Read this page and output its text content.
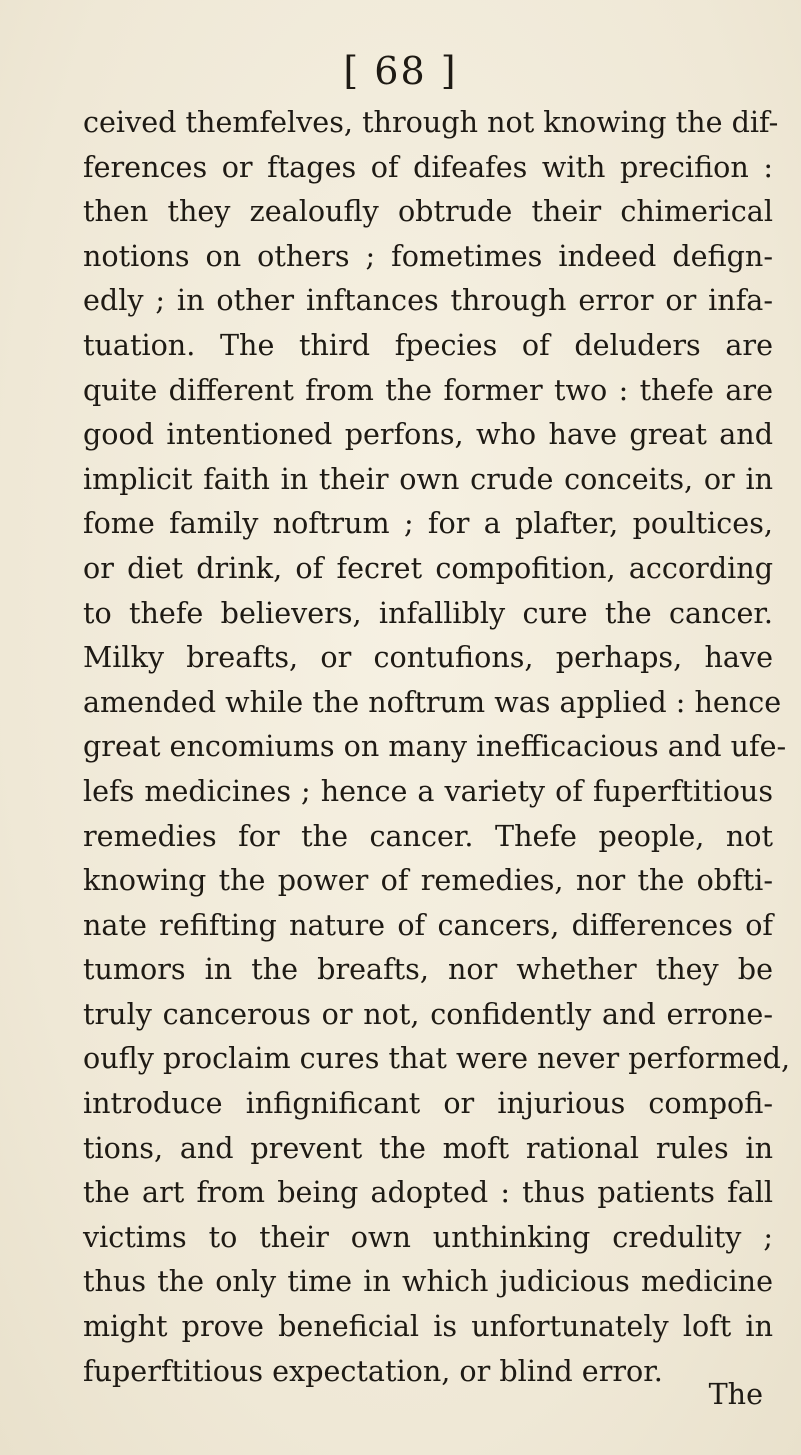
[ 68 ]

ceived themfelves, through not knowing the dif-
ferences or ftages of difeafes with precifion :
then they zealoufly obtrude their chimerical
notions on others ; fometimes indeed defign-
edly ; in other inftances through error or infa-
tuation. The third fpecies of deluders are
quite different from the former two : thefe are
good intentioned perfons, who have great and
implicit faith in their own crude conceits, or in
fome family noftrum ; for a plafter, poultices,
or diet drink, of fecret compofition, according
to thefe believers, infallibly cure the cancer.
Milky breafts, or contufions, perhaps, have
amended while the noftrum was applied : hence
great encomiums on many inefficacious and ufe-
lefs medicines ; hence a variety of fuperftitious
remedies for the cancer. Thefe people, not
knowing the power of remedies, nor the obfti-
nate refifting nature of cancers, differences of
tumors in the breafts, nor whether they be
truly cancerous or not, confidently and errone-
oufly proclaim cures that were never performed,
introduce infignificant or injurious compofi-
tions, and prevent the moft rational rules in
the art from being adopted : thus patients fall
victims to their own unthinking credulity ;
thus the only time in which judicious medicine
might prove beneficial is unfortunately loft in
fuperftitious expectation, or blind error.

The
